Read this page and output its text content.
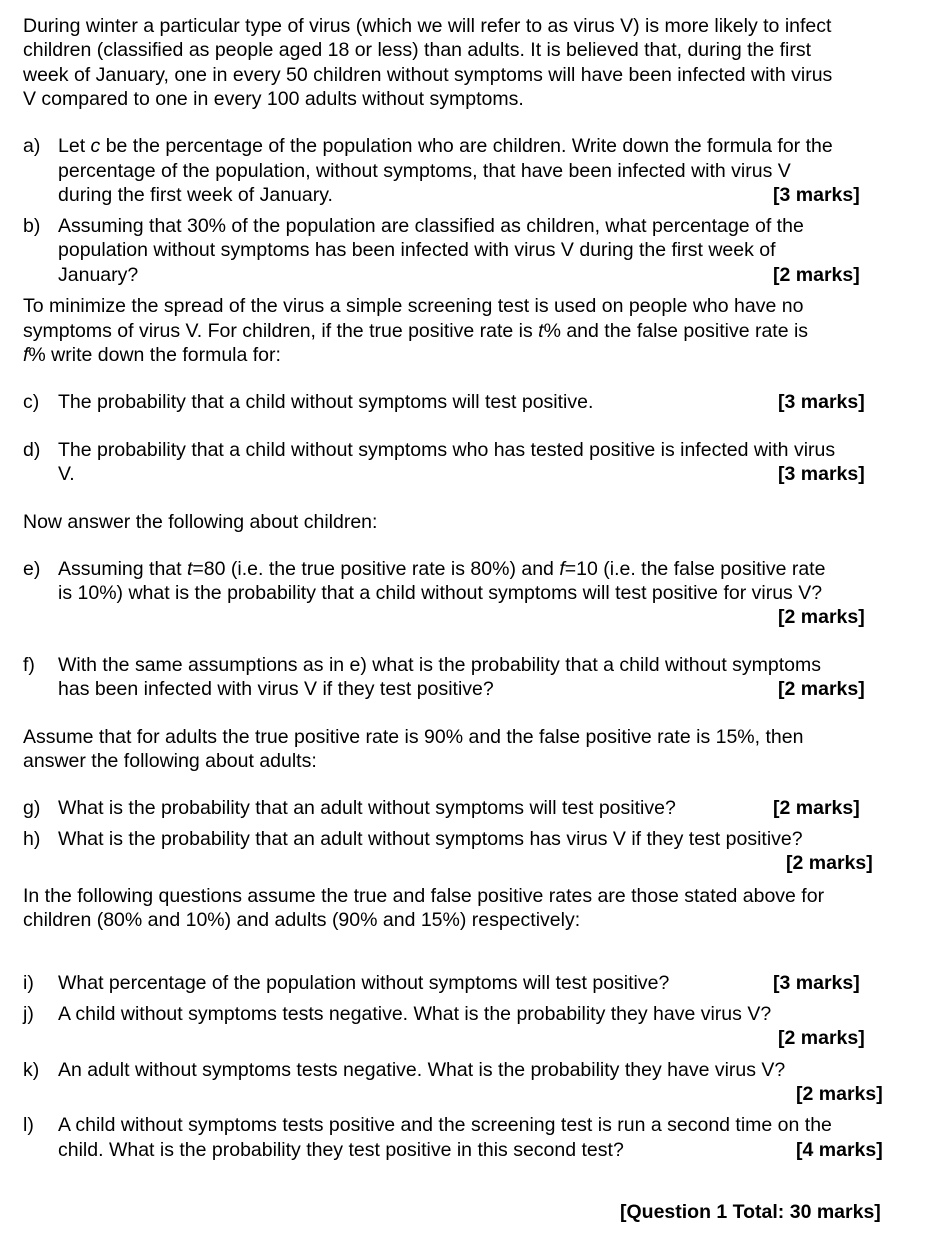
During winter a particular type of virus (which we will refer to as virus V) is more likely to infect
children (classified as people aged 18 or less) than adults. It is believed that, during the first
week of January, one in every 50 children without symptoms will have been infected with virus
V compared to one in every 100 adults without symptoms.
a) Let c be the percentage of the population who are children. Write down the formula for the
percentage of the population, without symptoms, that have been infected with virus V
during the first week of January.	[3 marks]
b) Assuming that 30% of the population are classified as children, what percentage of the
population without symptoms has been infected with virus V during the first week of
January?	[2 marks]
To minimize the spread of the virus a simple screening test is used on people who have no
symptoms of virus V. For children, if the true positive rate is t% and the false positive rate is
f% write down the formula for:
c) The probability that a child without symptoms will test positive.	[3 marks]
d) The probability that a child without symptoms who has tested positive is infected with virus
V.	[3 marks]
Now answer the following about children:
e) Assuming that t=80 (i.e. the true positive rate is 80%) and f=10 (i.e. the false positive rate
is 10%) what is the probability that a child without symptoms will test positive for virus V?
[2 marks]
f) With the same assumptions as in e) what is the probability that a child without symptoms
has been infected with virus V if they test positive?	[2 marks]
Assume that for adults the true positive rate is 90% and the false positive rate is 15%, then
answer the following about adults:
g) What is the probability that an adult without symptoms will test positive?	[2 marks]
h) What is the probability that an adult without symptoms has virus V if they test positive?
[2 marks]
In the following questions assume the true and false positive rates are those stated above for
children (80% and 10%) and adults (90% and 15%) respectively:
i) What percentage of the population without symptoms will test positive?	[3 marks]
j) A child without symptoms tests negative. What is the probability they have virus V?
[2 marks]
k) An adult without symptoms tests negative. What is the probability they have virus V?
[2 marks]
l) A child without symptoms tests positive and the screening test is run a second time on the
child. What is the probability they test positive in this second test?	[4 marks]
[Question 1 Total: 30 marks]
